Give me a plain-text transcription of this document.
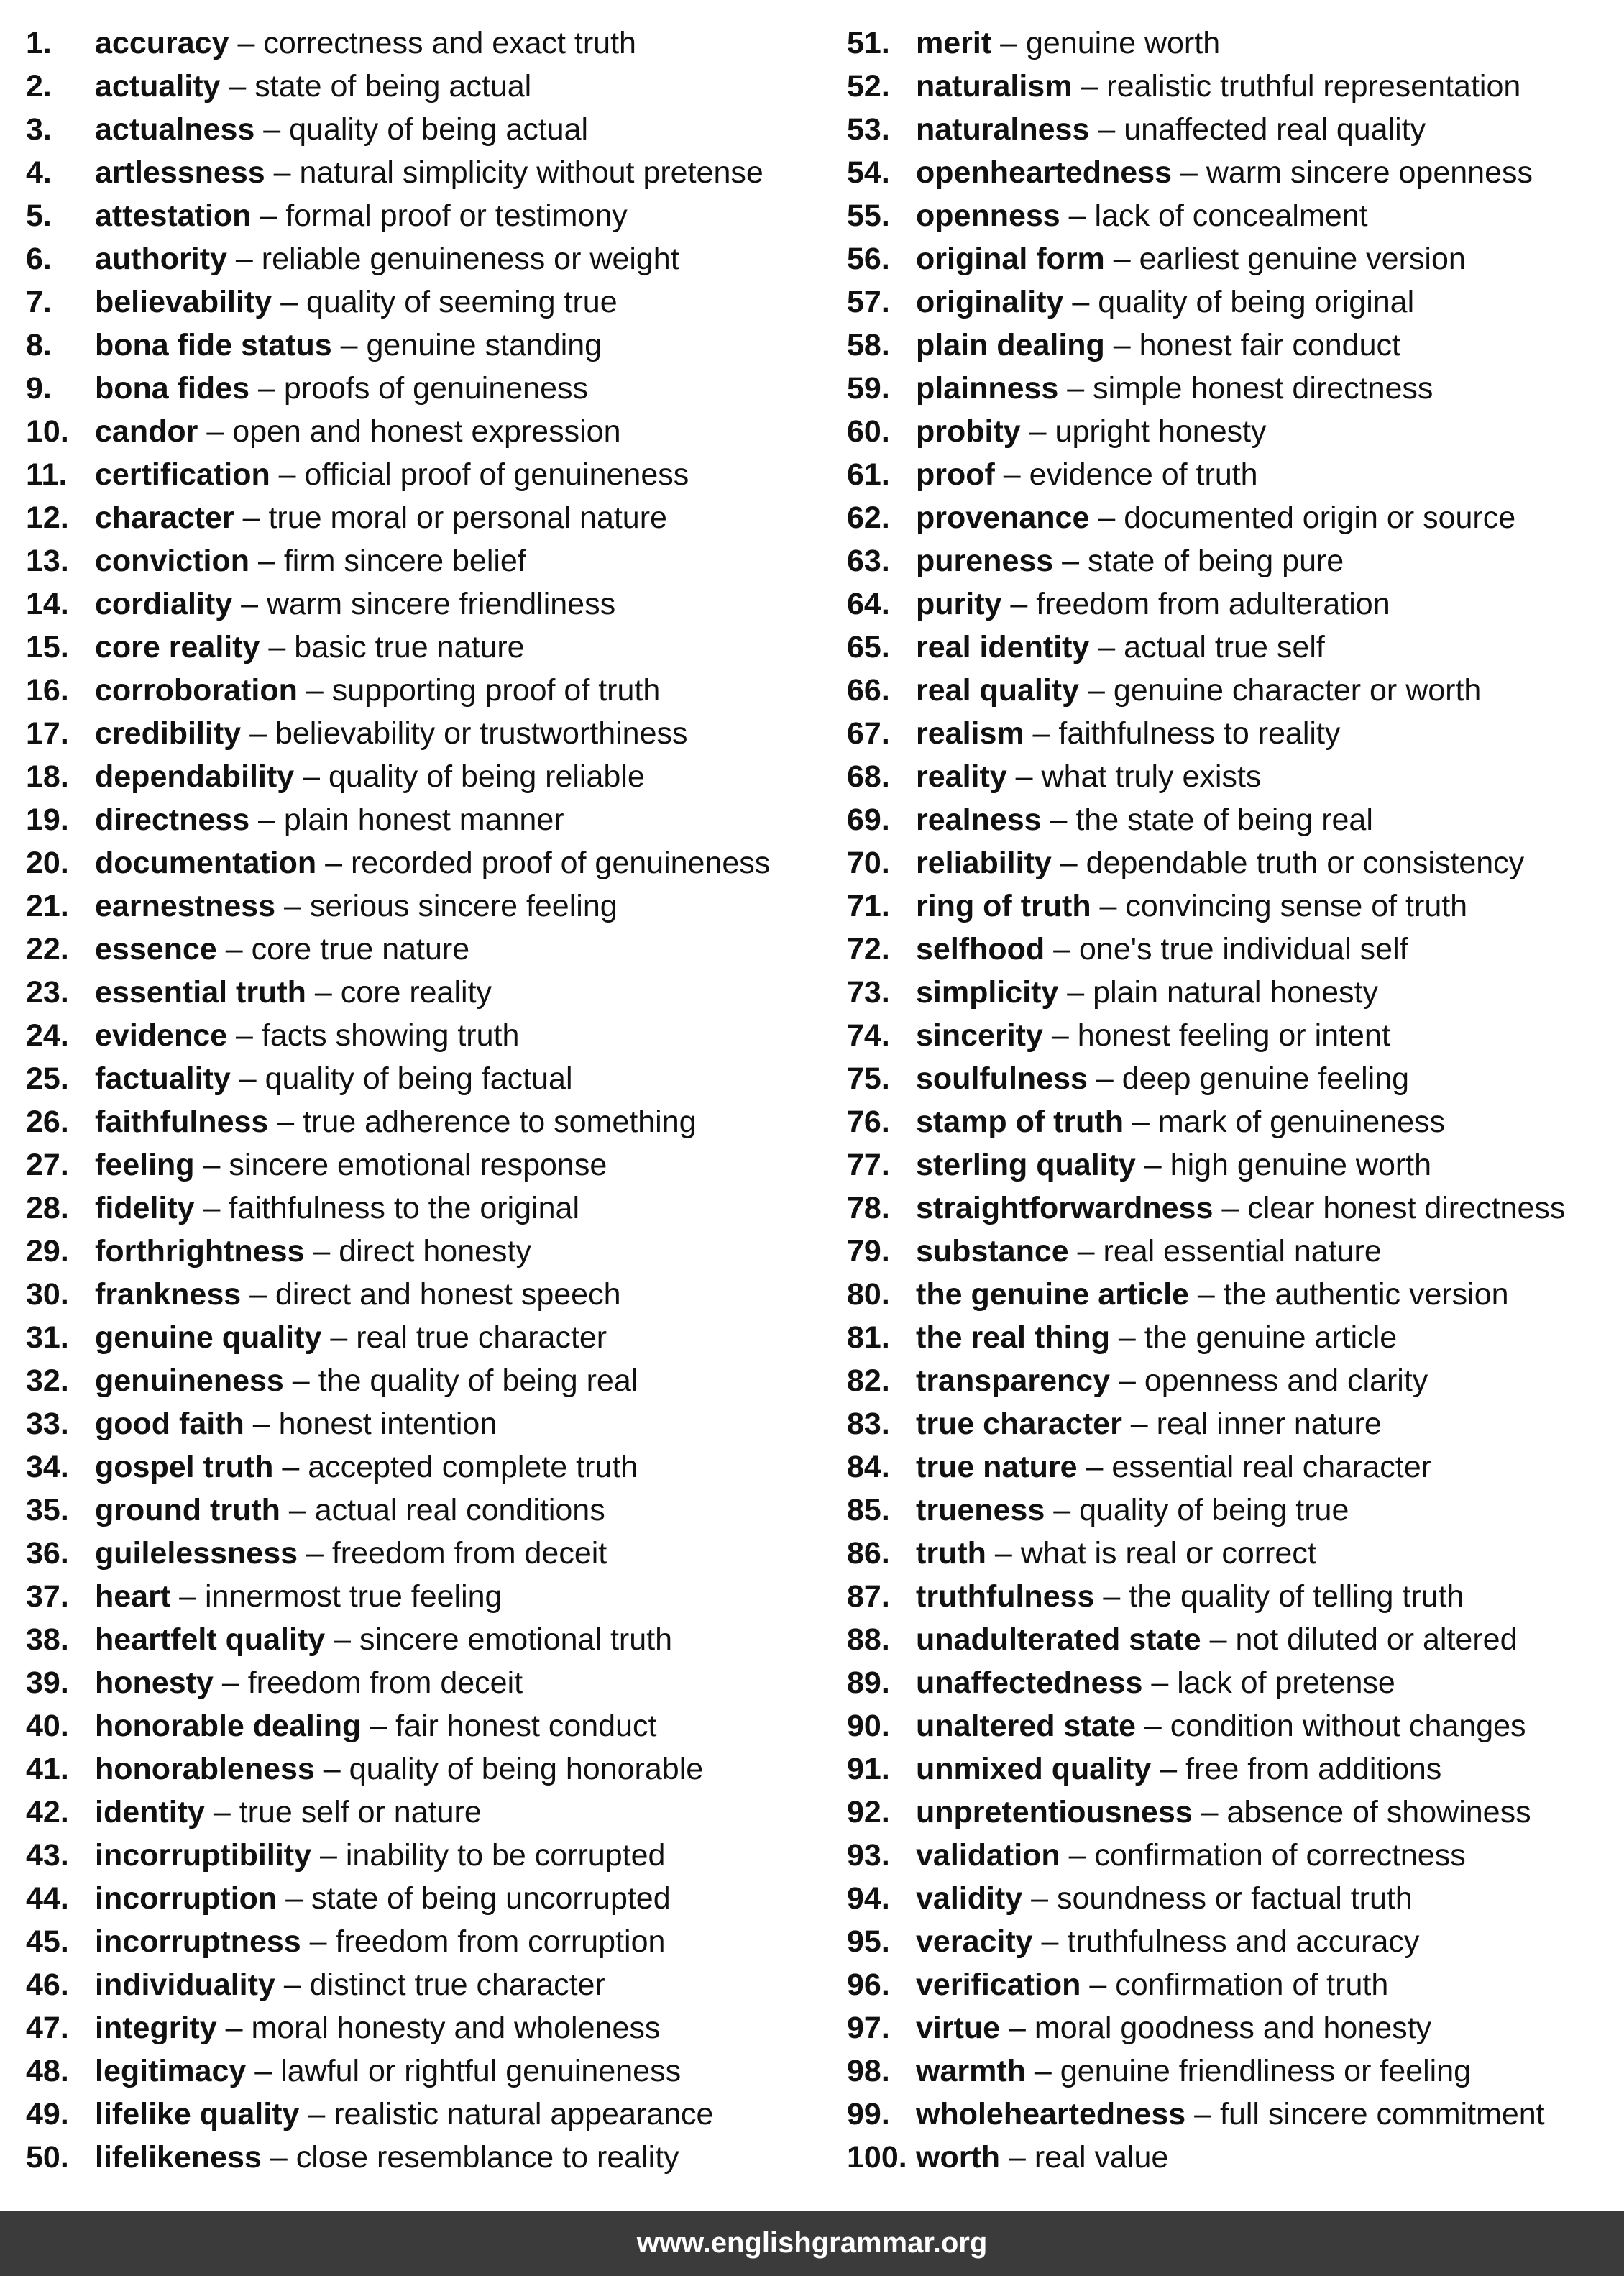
1. accuracy – correctness and exact truth
2. actuality – state of being actual
3. actualness – quality of being actual
4. artlessness – natural simplicity without pretense
5. attestation – formal proof or testimony
6. authority – reliable genuineness or weight
7. believability – quality of seeming true
8. bona fide status – genuine standing
9. bona fides – proofs of genuineness
10. candor – open and honest expression
11. certification – official proof of genuineness
12. character – true moral or personal nature
13. conviction – firm sincere belief
14. cordiality – warm sincere friendliness
15. core reality – basic true nature
16. corroboration – supporting proof of truth
17. credibility – believability or trustworthiness
18. dependability – quality of being reliable
19. directness – plain honest manner
20. documentation – recorded proof of genuineness
21. earnestness – serious sincere feeling
22. essence – core true nature
23. essential truth – core reality
24. evidence – facts showing truth
25. factuality – quality of being factual
26. faithfulness – true adherence to something
27. feeling – sincere emotional response
28. fidelity – faithfulness to the original
29. forthrightness – direct honesty
30. frankness – direct and honest speech
31. genuine quality – real true character
32. genuineness – the quality of being real
33. good faith – honest intention
34. gospel truth – accepted complete truth
35. ground truth – actual real conditions
36. guilelessness – freedom from deceit
37. heart – innermost true feeling
38. heartfelt quality – sincere emotional truth
39. honesty – freedom from deceit
40. honorable dealing – fair honest conduct
41. honorableness – quality of being honorable
42. identity – true self or nature
43. incorruptibility – inability to be corrupted
44. incorruption – state of being uncorrupted
45. incorruptness – freedom from corruption
46. individuality – distinct true character
47. integrity – moral honesty and wholeness
48. legitimacy – lawful or rightful genuineness
49. lifelike quality – realistic natural appearance
50. lifelikeness – close resemblance to reality
51. merit – genuine worth
52. naturalism – realistic truthful representation
53. naturalness – unaffected real quality
54. openheartedness – warm sincere openness
55. openness – lack of concealment
56. original form – earliest genuine version
57. originality – quality of being original
58. plain dealing – honest fair conduct
59. plainness – simple honest directness
60. probity – upright honesty
61. proof – evidence of truth
62. provenance – documented origin or source
63. pureness – state of being pure
64. purity – freedom from adulteration
65. real identity – actual true self
66. real quality – genuine character or worth
67. realism – faithfulness to reality
68. reality – what truly exists
69. realness – the state of being real
70. reliability – dependable truth or consistency
71. ring of truth – convincing sense of truth
72. selfhood – one's true individual self
73. simplicity – plain natural honesty
74. sincerity – honest feeling or intent
75. soulfulness – deep genuine feeling
76. stamp of truth – mark of genuineness
77. sterling quality – high genuine worth
78. straightforwardness – clear honest directness
79. substance – real essential nature
80. the genuine article – the authentic version
81. the real thing – the genuine article
82. transparency – openness and clarity
83. true character – real inner nature
84. true nature – essential real character
85. trueness – quality of being true
86. truth – what is real or correct
87. truthfulness – the quality of telling truth
88. unadulterated state – not diluted or altered
89. unaffectedness – lack of pretense
90. unaltered state – condition without changes
91. unmixed quality – free from additions
92. unpretentiousness – absence of showiness
93. validation – confirmation of correctness
94. validity – soundness or factual truth
95. veracity – truthfulness and accuracy
96. verification – confirmation of truth
97. virtue – moral goodness and honesty
98. warmth – genuine friendliness or feeling
99. wholeheartedness – full sincere commitment
100. worth – real value
www.englishgrammar.org
